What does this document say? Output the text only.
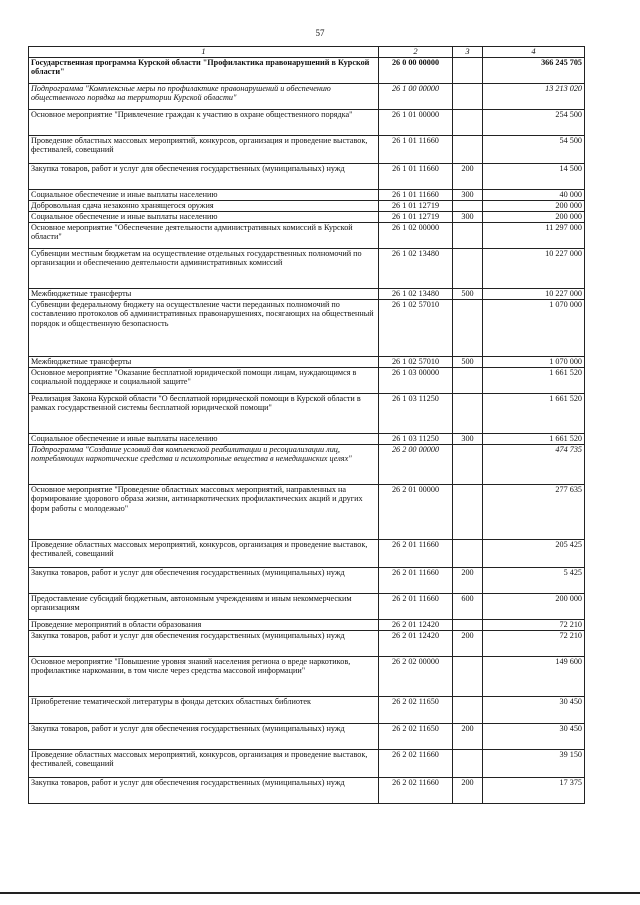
57
1	2	3	4
Государственная программа Курской области "Профилактика правонарушений в Курской области"	26 0 00 00000		366 245 705
Подпрограмма "Комплексные меры по профилактике правонарушений и обеспечению общественного порядка на территории Курской области"	26 1 00 00000		13 213 020
Основное мероприятие "Привлечение граждан к участию в охране общественного порядка"	26 1 01 00000		254 500
Проведение областных массовых мероприятий, конкурсов, организация и проведение выставок, фестивалей, совещаний	26 1 01 11660		54 500
Закупка товаров, работ и услуг для обеспечения государственных (муниципальных) нужд	26 1 01 11660	200	14 500
Социальное обеспечение и иные выплаты населению	26 1 01 11660	300	40 000
Добровольная сдача незаконно хранящегося оружия	26 1 01 12719		200 000
Социальное обеспечение и иные выплаты населению	26 1 01 12719	300	200 000
Основное мероприятие "Обеспечение деятельности административных комиссий в Курской области"	26 1 02 00000		11 297 000
Субвенции местным бюджетам на осуществление отдельных государственных полномочий по организации и обеспечению деятельности административных комиссий	26 1 02 13480		10 227 000
Межбюджетные трансферты	26 1 02 13480	500	10 227 000
Субвенции федеральному бюджету на осуществление части переданных полномочий по составлению протоколов об административных правонарушениях, посягающих на общественный порядок и общественную безопасность	26 1 02 57010		1 070 000
Межбюджетные трансферты	26 1 02 57010	500	1 070 000
Основное мероприятие "Оказание бесплатной юридической помощи лицам, нуждающимся в социальной поддержке и социальной защите"	26 1 03 00000		1 661 520
Реализация Закона Курской области "О бесплатной юридической помощи в Курской области в рамках государственной системы бесплатной юридической помощи"	26 1 03 11250		1 661 520
Социальное обеспечение и иные выплаты населению	26 1 03 11250	300	1 661 520
Подпрограмма "Создание условий для комплексной реабилитации и ресоциализации лиц, потребляющих наркотические средства и психотропные вещества в немедицинских целях"	26 2 00 00000		474 735
Основное мероприятие "Проведение областных массовых мероприятий, направленных на формирование здорового образа жизни, антинаркотических профилактических акций и других форм работы с молодежью"	26 2 01 00000		277 635
Проведение областных массовых мероприятий, конкурсов, организация и проведение выставок, фестивалей, совещаний	26 2 01 11660		205 425
Закупка товаров, работ и услуг для обеспечения государственных (муниципальных) нужд	26 2 01 11660	200	5 425
Предоставление субсидий бюджетным, автономным учреждениям и иным некоммерческим организациям	26 2 01 11660	600	200 000
Проведение мероприятий в области образования	26 2 01 12420		72 210
Закупка товаров, работ и услуг для обеспечения государственных (муниципальных) нужд	26 2 01 12420	200	72 210
Основное мероприятие "Повышение уровня знаний населения региона о вреде наркотиков, профилактике наркомании, в том числе через средства массовой информации"	26 2 02 00000		149 600
Приобретение тематической литературы в фонды детских областных библиотек	26 2 02 11650		30 450
Закупка товаров, работ и услуг для обеспечения государственных (муниципальных) нужд	26 2 02 11650	200	30 450
Проведение областных массовых мероприятий, конкурсов, организация и проведение выставок, фестивалей, совещаний	26 2 02 11660		39 150
Закупка товаров, работ и услуг для обеспечения государственных (муниципальных) нужд	26 2 02 11660	200	17 375
